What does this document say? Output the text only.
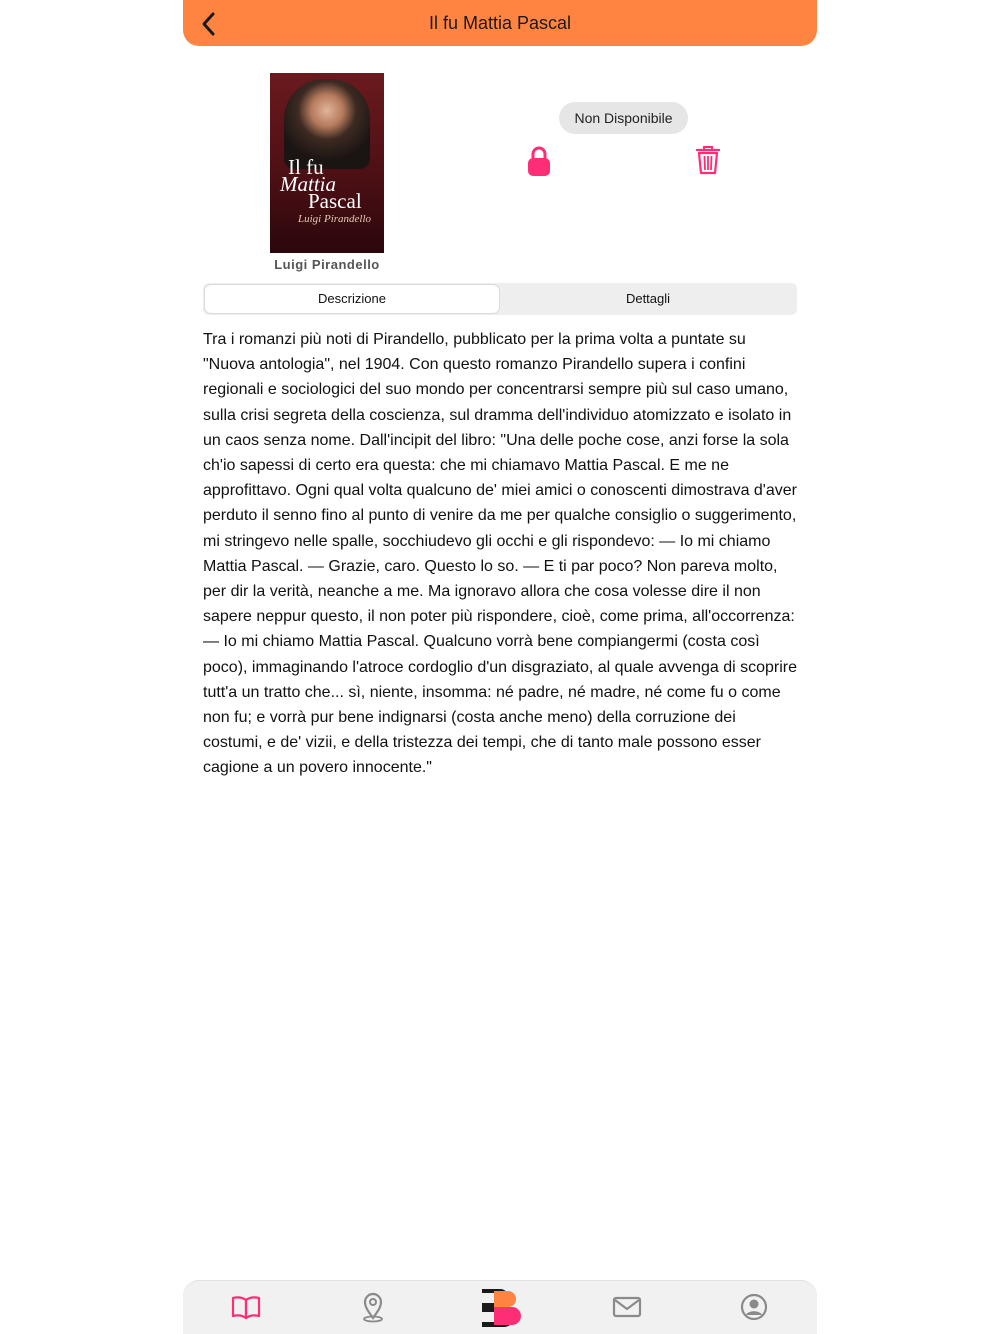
Il fu Mattia Pascal
Il fu
Mattia
Pascal
Luigi Pirandello
Luigi Pirandello
Non Disponibile
Descrizione	Dettagli
Tra i romanzi più noti di Pirandello, pubblicato per la prima volta a puntate su "Nuova antologia", nel 1904. Con questo romanzo Pirandello supera i confini regionali e sociologici del suo mondo per concentrarsi sempre più sul caso umano, sulla crisi segreta della coscienza, sul dramma dell'individuo atomizzato e isolato in un caos senza nome. Dall'incipit del libro: "Una delle poche cose, anzi forse la sola ch'io sapessi di certo era questa: che mi chiamavo Mattia Pascal. E me ne approfittavo. Ogni qual volta qualcuno de' miei amici o conoscenti dimostrava d'aver perduto il senno fino al punto di venire da me per qualche consiglio o suggerimento, mi stringevo nelle spalle, socchiudevo gli occhi e gli rispondevo: — Io mi chiamo Mattia Pascal. — Grazie, caro. Questo lo so. — E ti par poco? Non pareva molto, per dir la verità, neanche a me. Ma ignoravo allora che cosa volesse dire il non sapere neppur questo, il non poter più rispondere, cioè, come prima, all'occorrenza: — Io mi chiamo Mattia Pascal. Qualcuno vorrà bene compiangermi (costa così poco), immaginando l'atroce cordoglio d'un disgraziato, al quale avvenga di scoprire tutt'a un tratto che... sì, niente, insomma: né padre, né madre, né come fu o come non fu; e vorrà pur bene indignarsi (costa anche meno) della corruzione dei costumi, e de' vizii, e della tristezza dei tempi, che di tanto male possono esser cagione a un povero innocente."
